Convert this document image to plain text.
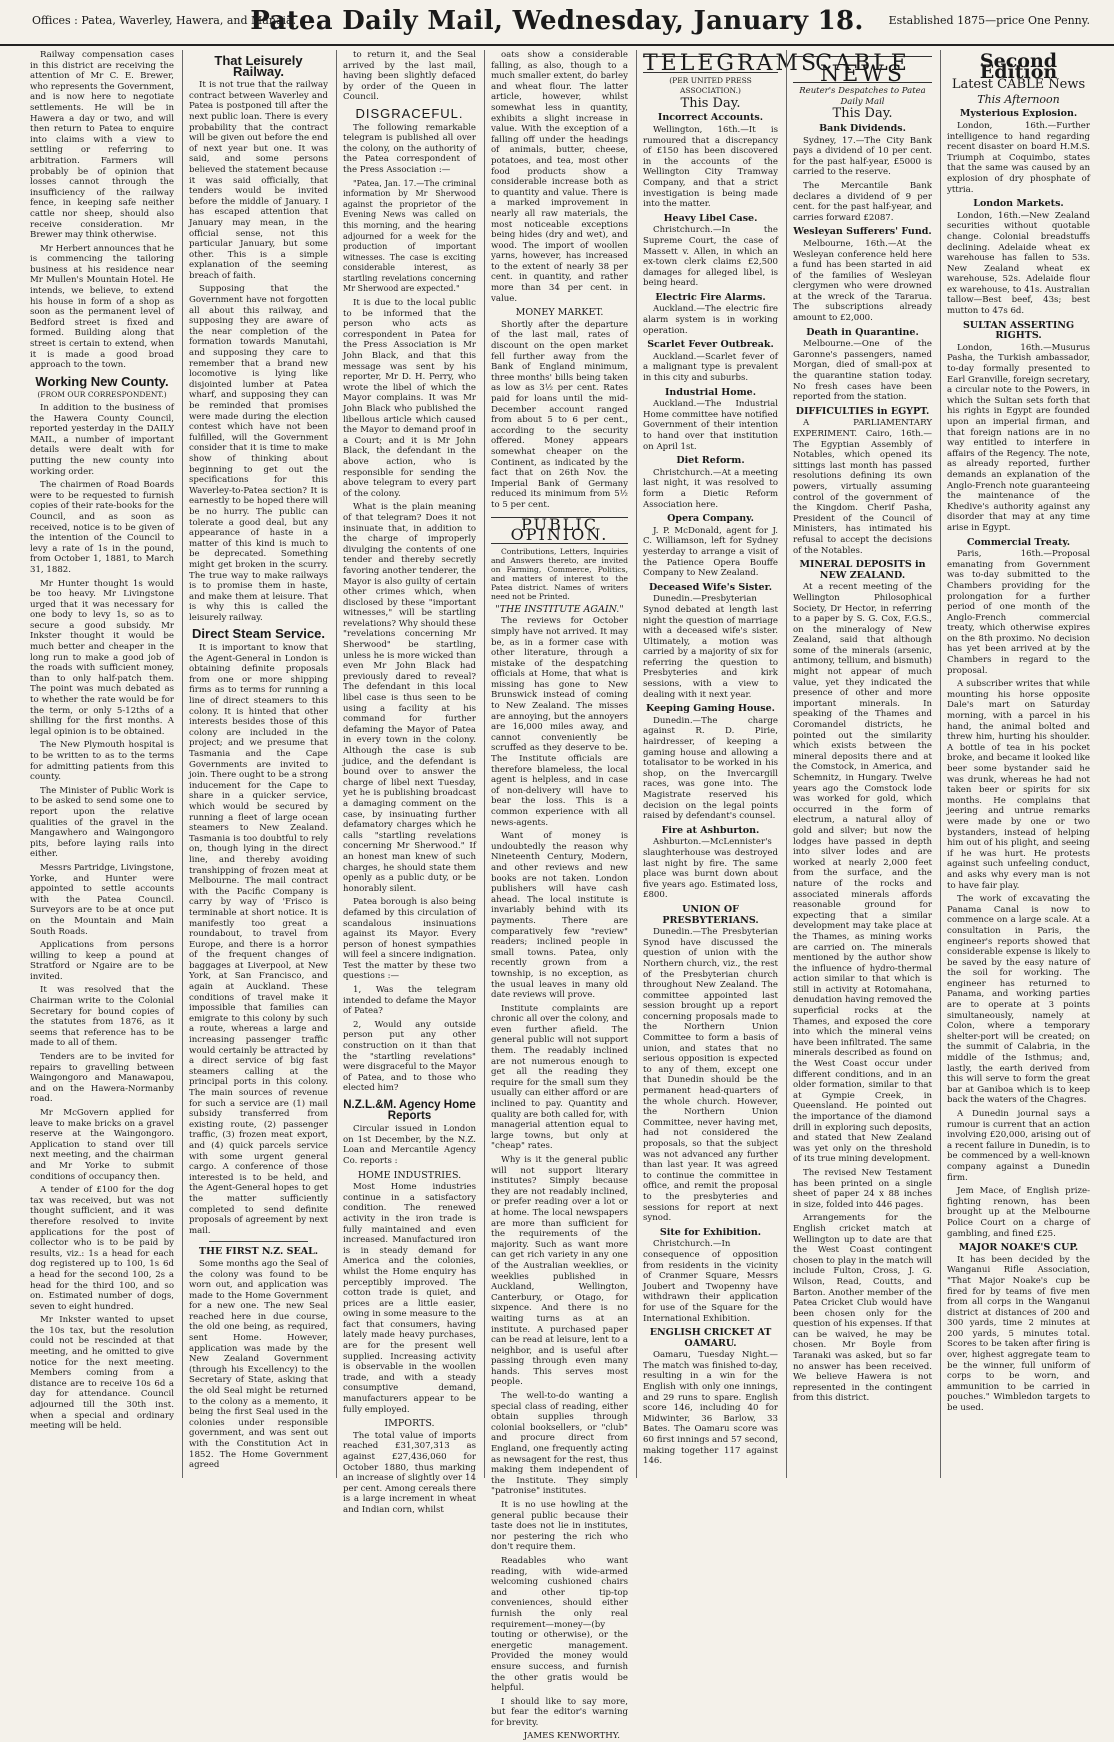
Offices : Patea, Waverley, Hawera, and Manaia.
Patea Daily Mail, Wednesday, January 18.	Established 1875—price One Penny.

Railway compensation cases in this district are receiving the attention of Mr C. E. Brewer, who represents the Government, and is now here to negotiate settlements. He will be in Hawera a day or two, and will then return to Patea to enquire into claims with a view to settling or referring to arbitration. Farmers will probably be of opinion that losses cannot through the insufficiency of the railway fence, in keeping safe neither cattle nor sheep, should also receive consideration. Mr Brewer may think otherwise.

Mr Herbert announces that he is commencing the tailoring business at his residence near Mr Mullen's Mountain Hotel. He intends, we believe, to extend his house in form of a shop as soon as the permanent level of Bedford street is fixed and formed. Building along that street is certain to extend, when it is made a good broad approach to the town.

Working New County.
(FROM OUR CORRESPONDENT.)

In addition to the business of the Hawera County Council, reported yesterday in the DAILY MAIL, a number of important details were dealt with for putting the new county into working order.

The chairmen of Road Boards were to be requested to furnish copies of their rate-books for the Council, and as soon as received, notice is to be given of the intention of the Council to levy a rate of 1s in the pound, from October 1, 1881, to March 31, 1882.

Mr Hunter thought 1s would be too heavy. Mr Livingstone urged that it was necessary for one body to levy 1s, so as to secure a good subsidy. Mr Inkster thought it would be much better and cheaper in the long run to make a good job of the roads with sufficient money, than to only half-patch them. The point was much debated as to whether the rate would be for the term, or only 5-12ths of a shilling for the first months. A legal opinion is to be obtained.

The New Plymouth hospital is to be written to as to the terms for admitting patients from this county.

The Minister of Public Work is to be asked to send some one to report upon the relative qualities of the gravel in the Mangawhero and Waingongoro pits, before laying rails into either.

Messrs Partridge, Livingstone, Yorke, and Hunter were appointed to settle accounts with the Patea Council. Surveyors are to be at once put on the Mountain and Main South Roads.

Applications from persons willing to keep a pound at Stratford or Ngaire are to be invited.

It was resolved that the Chairman write to the Colonial Secretary for bound copies of the statutes from 1876, as it seems that reference has to be made to all of them.

Tenders are to be invited for repairs to gravelling between Waingongoro and Manawapou, and on the Hawera-Normanby road.

Mr McGovern applied for leave to make bricks on a gravel reserve at the Waingongoro. Application to stand over till next meeting, and the chairman and Mr Yorke to submit conditions of occupancy then.

A tender of £100 for the dog tax was received, but was not thought sufficient, and it was therefore resolved to invite applications for the post of collector who is to be paid by results, viz.: 1s a head for each dog registered up to 100, 1s 6d a head for the second 100, 2s a head for the third 100, and so on. Estimated number of dogs, seven to eight hundred.

Mr Inkster wanted to upset the 10s tax, but the resolution could not be rescinded at that meeting, and he omitted to give notice for the next meeting. Members coming from a distance are to receive 10s 6d a day for attendance. Council adjourned till the 30th inst. when a special and ordinary meeting will be held.

That Leisurely Railway.

It is not true that the railway contract between Waverley and Patea is postponed till after the next public loan. There is every probability that the contract will be given out before the end of next year but one. It was said, and some persons believed the statement because it was said officially, that tenders would be invited before the middle of January. I has escaped attention that January may mean, in the official sense, not this particular January, but some other. This is a simple explanation of the seeming breach of faith.

Supposing that the Government have not forgotten all about this railway, and supposing they are aware of the near completion of the formation towards Manutahi, and supposing they care to remember that a brand new locomotive is lying like disjointed lumber at Patea wharf, and supposing they can be reminded that promises were made during the election contest which have not been fulfilled, will the Government consider that it is time to make show of thinking about beginning to get out the specifications for this Waverley-to-Patea section? It is earnestly to be hoped there will be no hurry. The public can tolerate a good deal, but any appearance of haste in a matter of this kind is much to be deprecated. Something might get broken in the scurry. The true way to make railways is to promise them in haste, and make them at leisure. That is why this is called the leisurely railway.

Direct Steam Service.

It is important to know that the Agent-General in London is obtaining definite proposals from one or more shipping firms as to terms for running a line of direct steamers to this colony. It is hinted that other interests besides those of this colony are included in the project; and we presume that Tasmania and the Cape Governments are invited to join. There ought to be a strong inducement for the Cape to share in a quicker service, which would be secured by running a fleet of large ocean steamers to New Zealand. Tasmania is too doubtful to rely on, though lying in the direct line, and thereby avoiding transhipping of frozen meat at Melbourne. The mail contract with the Pacific Company is carry by way of 'Frisco is terminable at short notice. It is manifestly too great a roundabout, to travel from Europe, and there is a horror of the frequent changes of baggages at Liverpool, at New York, at San Francisco, and again at Auckland. These conditions of travel make it impossible that families can emigrate to this colony by such a route, whereas a large and increasing passenger traffic would certainly be attracted by a direct service of big fast steamers calling at the principal ports in this colony. The main sources of revenue for such a service are (1) mail subsidy transferred from existing route, (2) passenger traffic, (3) frozen meat export, and (4) quick parcels service with some urgent general cargo. A conference of those interested is to be held, and the Agent-General hopes to get the matter sufficiently completed to send definite proposals of agreement by next mail.

THE FIRST N.Z. SEAL.

Some months ago the Seal of the colony was found to be worn out, and application was made to the Home Government for a new one. The new Seal reached here in due course, the old one being, as required, sent Home. However, application was made by the New Zealand Government (through his Excellency) to the Secretary of State, asking that the old Seal might be returned to the colony as a memento, it being the first Seal used in the colonies under responsible government, and was sent out with the Constitution Act in 1852. The Home Government agreed

to return it, and the Seal arrived by the last mail, having been slightly defaced by order of the Queen in Council.

DISGRACEFUL.

The following remarkable telegram is published all over the colony, on the authority of the Patea correspondent of the Press Association :—

"Patea, Jan. 17.—The criminal information by Mr Sherwood against the proprietor of the Evening News was called on this morning, and the hearing adjourned for a week for the production of important witnesses. The case is exciting considerable interest, as startling revelations concerning Mr Sherwood are expected."

It is due to the local public to be informed that the person who acts as correspondent in Patea for the Press Association is Mr John Black, and that this message was sent by his reporter, Mr D. H. Perry, who wrote the libel of which the Mayor complains. It was Mr John Black who published the libellous article which caused the Mayor to demand proof in a Court; and it is Mr John Black, the defendant in the above action, who is responsible for sending the above telegram to every part of the colony.

What is the plain meaning of that telegram? Does it not insinuate that, in addition to the charge of improperly divulging the contents of one tender and thereby secretly favoring another tenderer, the Mayor is also guilty of certain other crimes which, when disclosed by these "important witnesses," will be startling revelations? Why should these "revelations concerning Mr Sherwood" be startling, unless he is more wicked than even Mr John Black had previously dared to reveal? The defendant in this local libel case is thus seen to be using a facility at his command for further defaming the Mayor of Patea in every town in the colony. Although the case is sub judice, and the defendant is bound over to answer the charge of libel next Tuesday, yet he is publishing broadcast a damaging comment on the case, by insinuating further defamatory charges which he calls "startling revelations concerning Mr Sherwood." If an honest man knew of such charges, he should state them openly as a public duty, or be honorably silent.

Patea borough is also being defamed by this circulation of scandalous insinuations against its Mayor. Every person of honest sympathies will feel a sincere indignation. Test the matter by these two questions :—

1, Was the telegram intended to defame the Mayor of Patea?

2, Would any outside person put any other construction on it than that the "startling revelations" were disgraceful to the Mayor of Patea, and to those who elected him?

N.Z.L.&M. Agency Home Reports

Circular issued in London on 1st December, by the N.Z. Loan and Mercantile Agency Co. reports :

HOME INDUSTRIES.

Most Home industries continue in a satisfactory condition. The renewed activity in the iron trade is fully maintained and even increased. Manufactured iron is in steady demand for America and the colonies, whilst the Home enquiry has perceptibly improved. The cotton trade is quiet, and prices are a little easier, owing in some measure to the fact that consumers, having lately made heavy purchases, are for the present well supplied. Increasing activity is observable in the woollen trade, and with a steady consumptive demand, manufacturers appear to be fully employed.

IMPORTS.

The total value of imports reached £31,307,313 as against £27,436,060 for October 1880, thus marking an increase of slightly over 14 per cent. Among cereals there is a large increment in wheat and Indian corn, whilst

oats show a considerable falling, as also, though to a much smaller extent, do barley and wheat flour. The latter article, however, whilst somewhat less in quantity, exhibits a slight increase in value. With the exception of a falling off under the headings of animals, butter, cheese, potatoes, and tea, most other food products show a considerable increase both as to quantity and value. There is a marked improvement in nearly all raw materials, the most noticeable exceptions being hides (dry and wet), and wood. The import of woollen yarns, however, has increased to the extent of nearly 38 per cent. in quantity, and rather more than 34 per cent. in value.

MONEY MARKET.

Shortly after the departure of the last mail, rates of discount on the open market fell further away from the Bank of England minimum, three months' bills being taken as low as 3½ per cent. Rates paid for loans until the mid-December account ranged from about 5 to 6 per cent., according to the security offered. Money appears somewhat cheaper on the Continent, as indicated by the fact that on 26th Nov. the Imperial Bank of Germany reduced its minimum from 5½ to 5 per cent.

PUBLIC OPINION.

Contributions, Letters, Inquiries and Answers thereto, are invited on Farming, Commerce, Politics, and matters of interest to the Patea district. Names of writers need not be Printed.

"THE INSTITUTE AGAIN."

The reviews for October simply have not arrived. It may be, as in a former case with other literature, through a mistake of the despatching officials at Home, that what is missing has gone to New Brunswick instead of coming to New Zealand. The misses are annoying, but the annoyers are 16,000 miles away, and cannot conveniently be scruffed as they deserve to be. The Institute officials are therefore blameless, the local agent is helpless, and in case of non-delivery will have to bear the loss. This is a common experience with all news-agents.

Want of money is undoubtedly the reason why Nineteenth Century, Modern, and other reviews and new books are not taken. London publishers will have cash ahead. The local institute is invariably behind with its payments. There are comparatively few "review" readers; inclined people in small towns. Patea, only recently grown from a township, is no exception, as the usual leaves in many old date reviews will prove.

Institute complaints are chronic all over the colony, and even further afield. The general public will not support them. The readably inclined are not numerous enough to get all the reading they require for the small sum they usually can either afford or are inclined to pay. Quantity and quality are both called for, with managerial attention equal to large towns, but only at "cheap" rates.

Why is it the general public will not support literary institutes? Simply because they are not readably inclined, or prefer reading over a lot or at home. The local newspapers are more than sufficient for the requirements of the majority. Such as want more can get rich variety in any one of the Australian weeklies, or weeklies published in Auckland, Wellington, Canterbury, or Otago, for sixpence. And there is no waiting turns as at an institute. A purchased paper can be read at leisure, lent to a neighbor, and is useful after passing through even many hands. This serves most people.

The well-to-do wanting a special class of reading, either obtain supplies through colonial booksellers, or "club" and procure direct from England, one frequently acting as newsagent for the rest, thus making them independent of the Institute. They simply "patronise" institutes.

It is no use howling at the general public because their taste does not lie in institutes, nor pestering the rich who don't require them.

Readables who want reading, with wide-armed welcoming cushioned chairs and other tip-top conveniences, should either furnish the only real requirement—money—(by touting or otherwise), or the energetic management. Provided the money would ensure success, and furnish the other gratis would be helpful.

I should like to say more, but fear the editor's warning for brevity.

JAMES KENWORTHY.
TELEGRAMS
(PER UNITED PRESS ASSOCIATION.)
This Day.
Incorrect Accounts.

Wellington, 16th.—It is rumoured that a discrepancy of £150 has been discovered in the accounts of the Wellington City Tramway Company, and that a strict investigation is being made into the matter.

Heavy Libel Case.

Christchurch.—In the Supreme Court, the case of Massett v. Allen, in which an ex-town clerk claims £2,500 damages for alleged libel, is being heard.

Electric Fire Alarms.

Auckland.—The electric fire alarm system is in working operation.

Scarlet Fever Outbreak.

Auckland.—Scarlet fever of a malignant type is prevalent in this city and suburbs.

Industrial Home.

Auckland.—The Industrial Home committee have notified Government of their intention to hand over that institution on April 1st.

Diet Reform.

Christchurch.—At a meeting last night, it was resolved to form a Dietic Reform Association here.

Opera Company.

J. P. McDonald, agent for J. C. Williamson, left for Sydney yesterday to arrange a visit of the Patience Opera Bouffe Company to New Zealand.

Deceased Wife's Sister.

Dunedin.—Presbyterian Synod debated at length last night the question of marriage with a deceased wife's sister. Ultimately, a motion was carried by a majority of six for referring the question to Presbyteries and kirk sessions, with a view to dealing with it next year.

Keeping Gaming House.

Dunedin.—The charge against R. D. Pirie, hairdresser, of keeping a gaming house and allowing a totalisator to be worked in his shop, on the Invercargill races, was gone into. The Magistrate reserved his decision on the legal points raised by defendant's counsel.

Fire at Ashburton.

Ashburton.—McLennister's slaughterhouse was destroyed last night by fire. The same place was burnt down about five years ago. Estimated loss, £800.

UNION OF PRESBYTERIANS.

Dunedin.—The Presbyterian Synod have discussed the question of union with the Northern church, viz., the rest of the Presbyterian church throughout New Zealand. The committee appointed last session brought up a report concerning proposals made to the Northern Union Committee to form a basis of union, and states that no serious opposition is expected to any of them, except one that Dunedin should be the permanent head-quarters of the whole church. However, the Northern Union Committee, never having met, had not considered the proposals, so that the subject was not advanced any further than last year. It was agreed to continue the committee in office, and remit the proposal to the presbyteries and sessions for report at next synod.

Site for Exhibition.

Christchurch.—In consequence of opposition from residents in the vicinity of Cranmer Square, Messrs Joubert and Twopenny have withdrawn their application for use of the Square for the International Exhibition.

ENGLISH CRICKET AT OAMARU.

Oamaru, Tuesday Night.—The match was finished to-day, resulting in a win for the English with only one innings, and 29 runs to spare. English score 146, including 40 for Midwinter, 36 Barlow, 33 Bates. The Oamaru score was 60 first innings and 57 second, making together 117 against 146.

CABLE NEWS
Reuter's Despatches to Patea Daily Mail
This Day.
Bank Dividends.

Sydney, 17.—The City Bank pays a dividend of 10 per cent. for the past half-year, £5000 is carried to the reserve.

The Mercantile Bank declares a dividend of 9 per cent. for the past half-year, and carries forward £2087.

Wesleyan Sufferers' Fund.

Melbourne, 16th.—At the Wesleyan conference held here a fund has been started in aid of the families of Wesleyan clergymen who were drowned at the wreck of the Tararua. The subscriptions already amount to £2,000.

Death in Quarantine.

Melbourne.—One of the Garonne's passengers, named Morgan, died of small-pox at the quarantine station today. No fresh cases have been reported from the station.

DIFFICULTIES in EGYPT.

A PARLIAMENTARY EXPERIMENT. Cairo, 16th.—The Egyptian Assembly of Notables, which opened its sittings last month has passed resolutions defining its own powers, virtually assuming control of the government of the Kingdom. Cherif Pasha, President of the Council of Ministers, has intimated his refusal to accept the decisions of the Notables.

MINERAL DEPOSITS in NEW ZEALAND.

At a recent meeting of the Wellington Philosophical Society, Dr Hector, in referring to a paper by S. G. Cox, F.G.S., on the mineralogy of New Zealand, said that although some of the minerals (arsenic, antimony, tellium, and bismuth) might not appear of much value, yet they indicated the presence of other and more important minerals. In speaking of the Thames and Coromandel districts, he pointed out the similarity which exists between the mineral deposits there and at the Comstock, in America, and Schemnitz, in Hungary. Twelve years ago the Comstock lode was worked for gold, which occurred in the form of electrum, a natural alloy of gold and silver; but now the lodges have passed in depth into silver lodes and are worked at nearly 2,000 feet from the surface, and the nature of the rocks and associated minerals affords reasonable ground for expecting that a similar development may take place at the Thames, as mining works are carried on. The minerals mentioned by the author show the influence of hydro-thermal action similar to that which is still in activity at Rotomahana, denudation having removed the superficial rocks at the Thames, and exposed the core into which the mineral veins have been infiltrated. The same minerals described as found on the West Coast occur under different conditions, and in an older formation, similar to that at Gympie Creek, in Queensland. He pointed out the importance of the diamond drill in exploring such deposits, and stated that New Zealand was yet only on the threshold of its true mining development.

The revised New Testament has been printed on a single sheet of paper 24 x 88 inches in size, folded into 446 pages.

Arrangements for the English cricket match at Wellington up to date are that the West Coast contingent chosen to play in the match will include Fulton, Cross, J. G. Wilson, Read, Coutts, and Barton. Another member of the Patea Cricket Club would have been chosen only for the question of his expenses. If that can be waived, he may be chosen. Mr Boyle from Taranaki was asked, but so far no answer has been received. We believe Hawera is not represented in the contingent from this district.

Second Edition
Latest CABLE News
This Afternoon
Mysterious Explosion.

London, 16th.—Further intelligence to hand regarding recent disaster on board H.M.S. Triumph at Coquimbo, states that the same was caused by an explosion of dry phosphate of yttria.

London Markets.

London, 16th.—New Zealand securities without quotable change. Colonial breadstuffs declining. Adelaide wheat ex warehouse has fallen to 53s. New Zealand wheat ex warehouse, 52s. Adelaide flour ex warehouse, to 41s. Australian tallow—Best beef, 43s; best mutton to 47s 6d.

SULTAN ASSERTING RIGHTS.

London, 16th.—Musurus Pasha, the Turkish ambassador, to-day formally presented to Earl Granville, foreign secretary, a circular note to the Powers, in which the Sultan sets forth that his rights in Egypt are founded upon an imperial firman, and that foreign nations are in no way entitled to interfere in affairs of the Regency. The note, as already reported, further demands an explanation of the Anglo-French note guaranteeing the maintenance of the Khedive's authority against any disorder that may at any time arise in Egypt.

Commercial Treaty.

Paris, 16th.—Proposal emanating from Government was to-day submitted to the Chambers providing for the prolongation for a further period of one month of the Anglo-French commercial treaty, which otherwise expires on the 8th proximo. No decision has yet been arrived at by the Chambers in regard to the proposal.

A subscriber writes that while mounting his horse opposite Dale's mart on Saturday morning, with a parcel in his hand, the animal bolted and threw him, hurting his shoulder. A bottle of tea in his pocket broke, and became it looked like beer some bystander said he was drunk, whereas he had not taken beer or spirits for six months. He complains that jeering and untrue remarks were made by one or two bystanders, instead of helping him out of his plight, and seeing if he was hurt. He protests against such unfeeling conduct, and asks why every man is not to have fair play.

The work of excavating the Panama Canal is now to commence on a large scale. At a consultation in Paris, the engineer's reports showed that considerable expense is likely to be saved by the easy nature of the soil for working. The engineer has returned to Panama, and working parties are to operate at 3 points simultaneously, namely at Colon, where a temporary shelter-port will be created; on the summit of Calabria, in the middle of the Isthmus; and, lastly, the earth derived from this will serve to form the great bar at Ganiboa which is to keep back the waters of the Chagres.

A Dunedin journal says a rumour is current that an action involving £20,000, arising out of a recent failure in Dunedin, is to be commenced by a well-known company against a Dunedin firm.

Jem Mace, of English prize-fighting renown, has been brought up at the Melbourne Police Court on a charge of gambling, and fined £25.

MAJOR NOAKE'S CUP.

It has been decided by the Wanganui Rifle Association, "That Major Noake's cup be fired for by teams of five men from all corps in the Wanganui district at distances of 200 and 300 yards, time 2 minutes at 200 yards, 5 minutes total. Scores to be taken after firing is over, highest aggregate team to be the winner, full uniform of corps to be worn, and ammunition to be carried in pouches." Wimbledon targets to be used.
